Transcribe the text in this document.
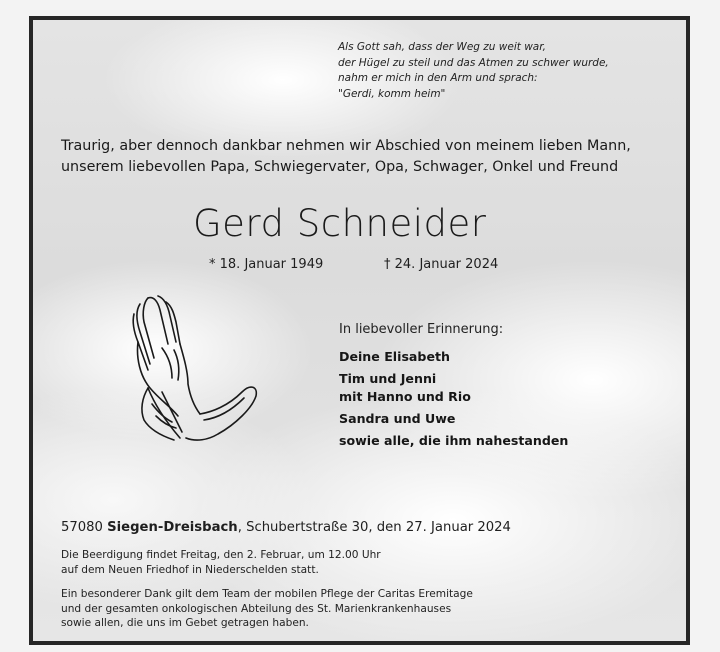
Als Gott sah, dass der Weg zu weit war,
der Hügel zu steil und das Atmen zu schwer wurde,
nahm er mich in den Arm und sprach:
"Gerdi, komm heim"
Traurig, aber dennoch dankbar nehmen wir Abschied von meinem lieben Mann,
unserem liebevollen Papa, Schwiegervater, Opa, Schwager, Onkel und Freund
Gerd Schneider
* 18. Januar 1949	† 24. Januar 2024
In liebevoller Erinnerung:
Deine Elisabeth
Tim und Jenni
mit Hanno und Rio
Sandra und Uwe
sowie alle, die ihm nahestanden
57080 Siegen-Dreisbach, Schubertstraße 30, den 27. Januar 2024
Die Beerdigung findet Freitag, den 2. Februar, um 12.00 Uhr
auf dem Neuen Friedhof in Niederschelden statt.
Ein besonderer Dank gilt dem Team der mobilen Pflege der Caritas Eremitage
und der gesamten onkologischen Abteilung des St. Marienkrankenhauses
sowie allen, die uns im Gebet getragen haben.
